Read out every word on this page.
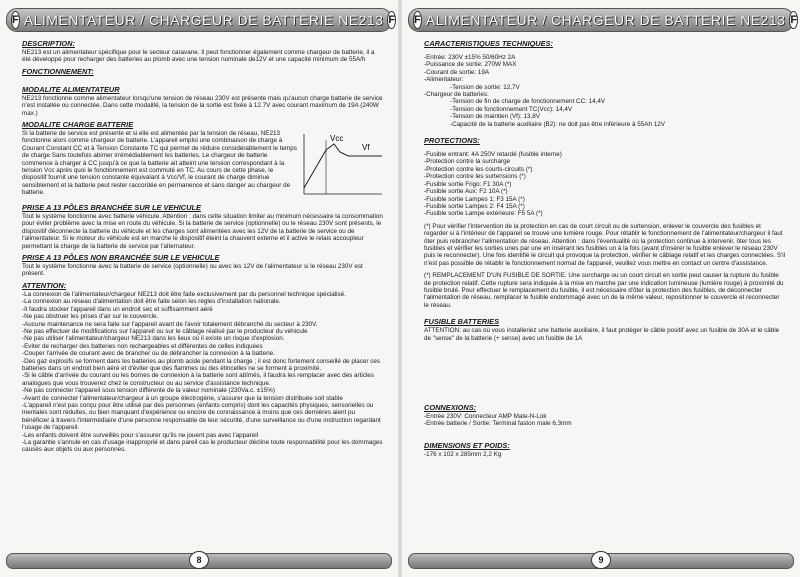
F ALIMENTATEUR / CHARGEUR DE BATTERIE NE213 F
DESCRIPTION:

NE213 est un alimentateur spécifique pour le secteur caravane. Il peut fonctionner également comme chargeur de batterie, il a été développé pour recharger des batteries au plomb avec une tension nominale de12V et une capacité minimum de 55A/h

FONCTIONNEMENT:
MODALITE ALIMENTATEUR

NE213 fonctionne comme alimentateur lorsqu'une tension de réseau 230V est présente mais qu'aucun charge batterie de service n'est installée ou connectée. Dans cette modalité, la tension de la sortie est fixée à 12.7V avec courant maximum de 19A (240W max.)

MODALITE CHARGE BATTERIE

Si la batterie de service est présente et si elle est alimentée par la tension de réseau, NE213 fonctionne alors comme chargeur de batterie. L'appareil emploi une combinaison de charge à Courant Constant CC et à Tension Constante TC qui permet de réduire considérablement le temps de charge Sans toutefois abimer irrémédiablement les batteries. Le chargeur de batterie commence à charger à CC jusqu'à ce que la batterie ait atteint une tension correspondant à la tension Vcc après quoi le fonctionnement est commuté en TC. Au cours de cette phase, le dispositif fournit une tension constante équivalant à Vcc/Vf, le courant de charge diminue sensiblement et la batterie peut rester raccordée en permanence et sans danger au chargeur de batterie.

Vcc
Vf
PRISE A 13 PÔLES BRANCHÉE SUR LE VEHICULE

Tout le système fonctionne avec batterie véhicule. Attention : dans cette situation limiter au minimum nécessaire la consommation pour éviter problème avec la mise en route du véhicule. Si la batterie de service (optionnelle) ou le réseau 230V sont présents, le dispositif déconnecte la batterie du véhicule et les charges sont alimentées avec les 12V de la batterie de service ou de l'alimentateur. Si le moteur du véhicule est en marche le dispositif éteint la chauvent externe et il active le relais accoupleur permettant la charge de la batterie de service par l'alternateur.

PRISE A 13 PÔLES NON BRANCHÉE SUR LE VEHICULE

Tout le système fonctionne avec la batterie de service (optionnelle) ou avec les 12V de l'alimentateur si le réseau 230V est présent.

ATTENTION:

-La connexion de l'alimentateur/chargeur NE213 doit être faite exclusivement par du personnel technique spécialisé.

-La connexion au réseau d'alimentation doit être faite selon les règles d'installation nationale.

-Il faudra stocker l'appareil dans un endroit sec et suffisamment aéré

-Ne pas obstruer les prises d'air sur le couvercle.

-Aucune maintenance ne sera faite sur l'appareil avant de l'avoir totalement débranché du secteur à 230V.

-Ne pas effectuer de modifications sur l'appareil ou sur le câblage réalisé par le producteur du véhicule

-Ne pas utiliser l'alimentateur/chargeur NE213 dans les lieux où il existe un risque d'explosion.

-Eviter de recharger des batteries non rechargeables et différentes de celles indiquées

-Couper l'arrivée de courant avec de brancher ou de débrancher la connexion à la batterie.

-Des gaz explosifs se forment dans les batteries au plomb acide pendant la charge ; il est donc fortement conseillé de placer ces batteries dans un endroit bien aéré et d'éviter que des flammes ou des étincelles ne se forment à proximité.

-Si le câble d'arrivée du courant ou les bornes de connexion à la batterie sont abîmés, il faudra les remplacer avec des articles analogues que vous trouverez chez le constructeur ou au service d'assistance technique.

-Ne pas connecter l'appareil sous tension différente de la valeur nominale (230Va.c. ±15%)

-Avant de connecter l'alimentateur/chargeur à un groupe électrogène, s'assurer que la tension distribuée soit stable

-L'appareil n'est pas conçu pour être utilisé par des personnes (enfants compris) dont les capacités physiques, sensorielles ou mentales sont réduites, ou bien manquant d'expérience ou encore de connaissance à moins que ces dernières aient pu bénéficier à travers l'intermédiaire d'une personne responsable de leur sécurité, d'une surveillance ou d'une instruction regardant l'usage de l'appareil.

-Les enfants doivent être surveillés pour s'assurer qu'ils ne jouent pas avec l'appareil

-La garantie s'annule en cas d'usage inapproprié et dans pareil cas le producteur décline toute responsabilité pour les dommages causés aux objets ou aux personnes.

8
F ALIMENTATEUR / CHARGEUR DE BATTERIE NE213 F
CARACTERISTIQUES TECHNIQUES:

-Entrée: 230V ±15% 50/60Hz 2A

-Puissance de sortie: 270W MAX

-Courant de sortie: 19A

-Alimentateur:

-Tension de sortie: 12,7V

-Chargeur de batteries:

-Tension de fin de charge de fonctionnement CC: 14,4V

-Tension de fonctionnement TC(Vcc): 14,4V

-Tension de maintien (Vf): 13,8V

-Capacité de la batterie auxiliaire (B2): ne doit pas être inférieure à 55Ah 12V

PROTECTIONS:

-Fusible entrant: 4A 250V retardé (fusible interne)

-Protection contre la surcharge

-Protection contre les courts-circuits (*)

-Protection contre les surtensions (*)

-Fusible sortie Frigo: F1 30A (*)

-Fusible sortie Aux: F2 10A (*)

-Fusible sortie Lampes 1: F3 15A (*)

-Fusible sortie Lampes 2: F4 15A (*)

-Fusible sortie Lampe extérieure: F5 5A (*)

(*) Pour vérifier l'intervention de la protection en cas de court circuit ou de surtension, enlever le couvercle des fusibles et regarder si à l'intérieur de l'appareil se trouve une lumière rouge. Pour rétablir le fonctionnement de l'alimentateur/chargeur il faut ôter puis rebrancher l'alimentation de réseau. Attention : dans l'éventualité où la protection continue à intervenir, ôter tous les fusibles et vérifier les sorties unes par une en insérant les fusibles un à la fois (avant d'insérer le fusible enlever le réseau 230V puis le reconnecter). Une fois identifié le circuit qui provoque la protection, vérifier le câblage relatif et les charges connectées. S'il n'est pas possible de rétablir le fonctionnement normal de l'appareil, veuillez vous mettre en contact un centre d'assistance.

(*) REMPLACEMENT D'UN FUSIBLE DE SORTIE. Une surcharge ou un court circuit en sortie peut causer la rupture du fusible de protection relatif. Cette rupture sera indiquée à la mise en marche par une indication lumineuse (lumière rouge) à proximité du fusible brulé. Pour effectuer le remplacement du fusible, il est nécessaire d'ôter la protection des fusibles, de déconnecter l'alimentation de réseau, remplacer le fusible endommagé avec un de la même valeur, repositionner le couvercle et reconnecter le réseau.

FUSIBLE BATTERIES

ATTENTION: au cas où vous installeriez une batterie auxiliaire, il faut protéger le câble positif avec un fusible de 30A et le câble de "sense" de la batterie (+ sense) avec un fusible de 1A

CONNEXIONS:

-Entrée 230V: Connecteur AMP Mate-N-Lok

-Entrée batterie / Sortie: Terminal faston male 6,3mm

DIMENSIONS ET POIDS:

-176 x 102 x 285mm 2,2 Kg

9
